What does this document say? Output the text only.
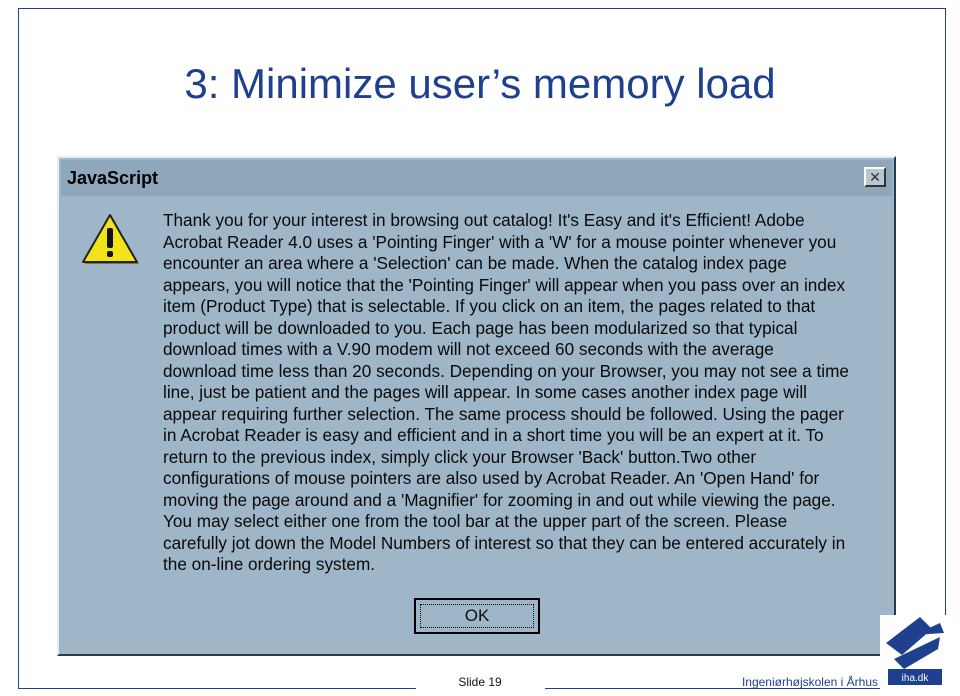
3: Minimize user’s memory load
JavaScript	✕
Thank you for your interest in browsing out catalog! It's Easy and it's Efficient! Adobe
Acrobat Reader 4.0 uses a 'Pointing Finger' with a 'W' for a mouse pointer whenever you
encounter an area where a 'Selection' can be made. When the catalog index page
appears, you will notice that the 'Pointing Finger' will appear when you pass over an index
item (Product Type) that is selectable. If you click on an item, the pages related to that
product will be downloaded to you. Each page has been modularized so that typical
download times with a V.90 modem will not exceed 60 seconds with the average
download time less than 20 seconds. Depending on your Browser, you may not see a time
line, just be patient and the pages will appear. In some cases another index page will
appear requiring further selection. The same process should be followed. Using the pager
in Acrobat Reader is easy and efficient and in a short time you will be an expert at it. To
return to the previous index, simply click your Browser 'Back' button.Two other
configurations of mouse pointers are also used by Acrobat Reader. An 'Open Hand' for
moving the page around and a 'Magnifier' for zooming in and out while viewing the page.
You may select either one from the tool bar at the upper part of the screen. Please
carefully jot down the Model Numbers of interest so that they can be entered accurately in
the on-line ordering system.
OK
Slide 19	Ingeniørhøjskolen i Århus iha.dk
